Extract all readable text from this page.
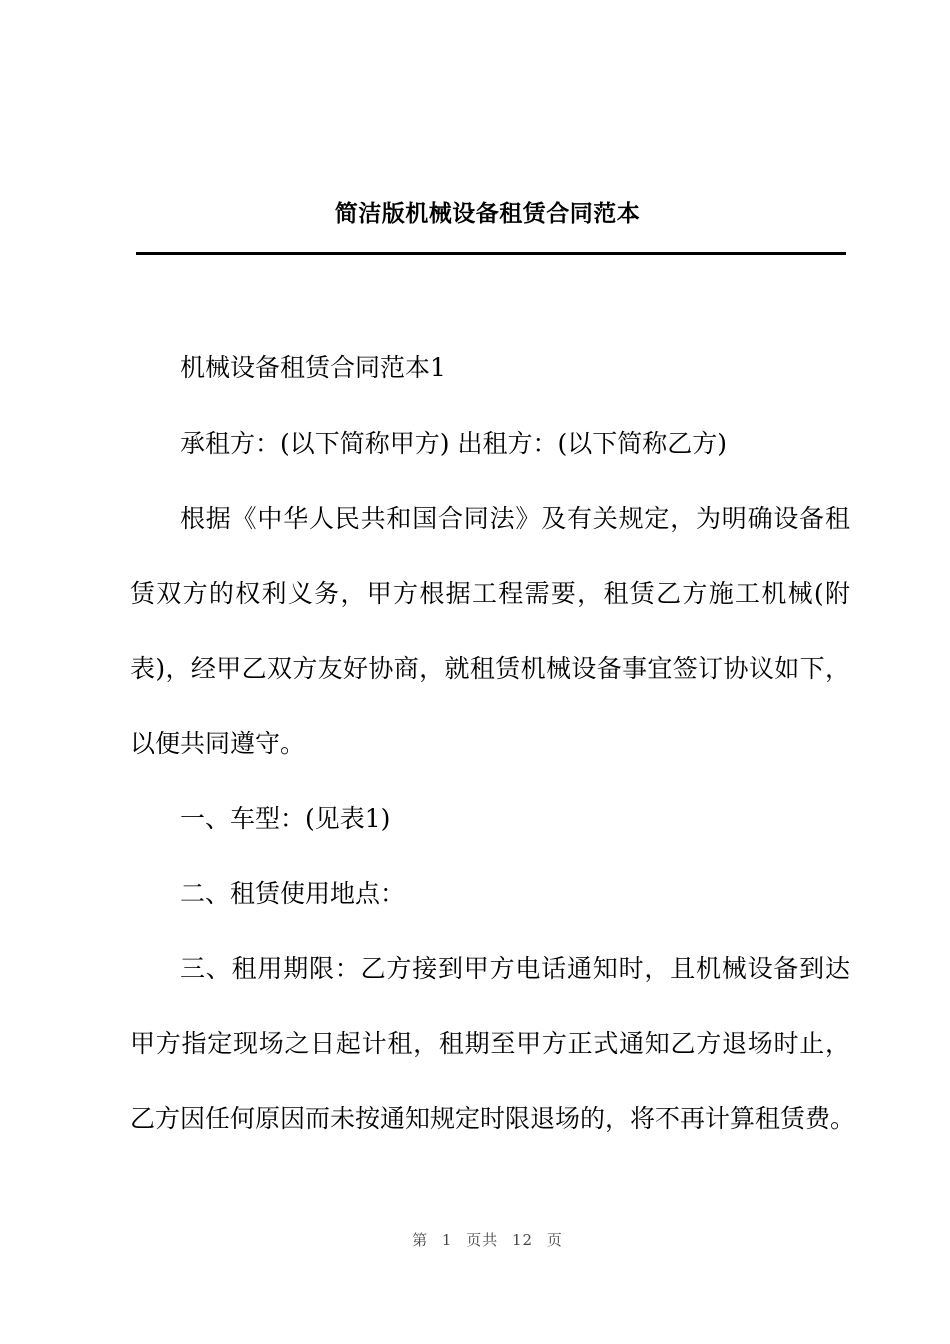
简洁版机械设备租赁合同范本
机械设备租赁合同范本1
承租方：(以下简称甲方) 出租方：(以下简称乙方)
根据《中华人民共和国合同法》及有关规定，为明确设备租
赁双方的权利义务，甲方根据工程需要，租赁乙方施工机械(附
表)，经甲乙双方友好协商，就租赁机械设备事宜签订协议如下，
以便共同遵守。
一、车型：(见表1)
二、租赁使用地点：
三、租用期限：乙方接到甲方电话通知时，且机械设备到达
甲方指定现场之日起计租，租期至甲方正式通知乙方退场时止，
乙方因任何原因而未按通知规定时限退场的，将不再计算租赁费。
第 1 页共 12 页
